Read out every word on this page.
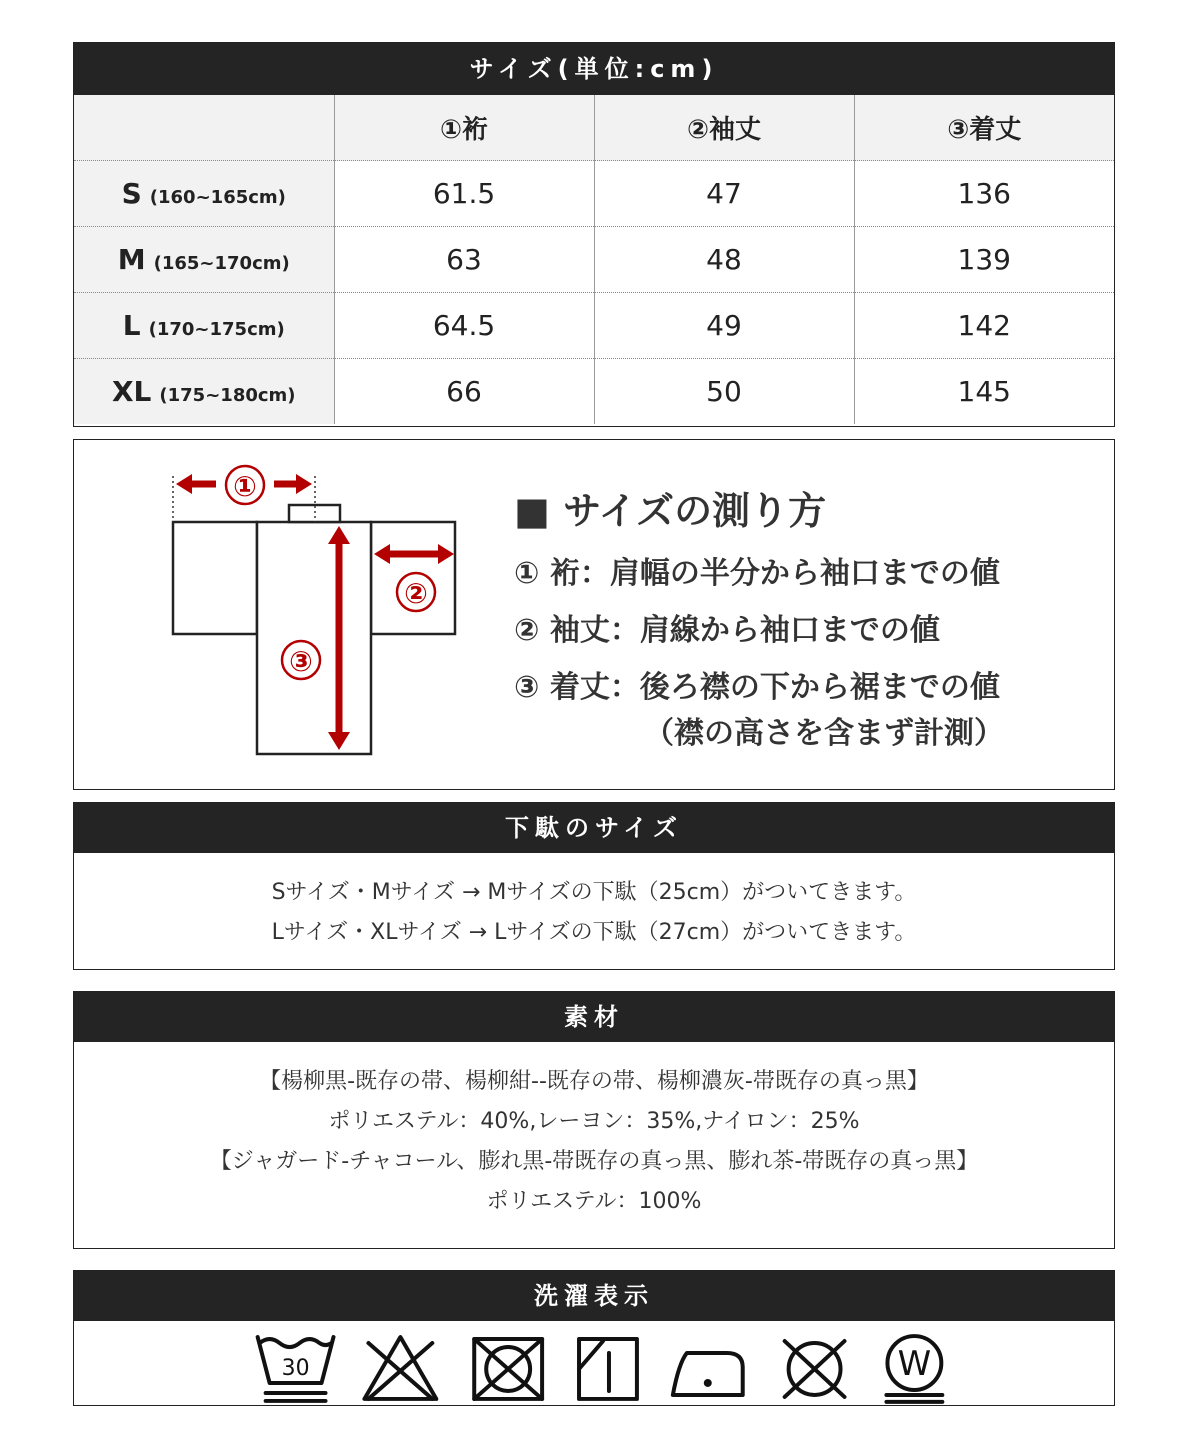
サイズ(単位:cm)
	①裄	②袖丈	③着丈
S (160~165cm)	61.5	47	136
M (165~170cm)	63	48	139
L (170~175cm)	64.5	49	142
XL (175~180cm)	66	50	145
①
②
③
■ サイズの測り方
① 裄：肩幅の半分から袖口までの値
② 袖丈：肩線から袖口までの値
③ 着丈：後ろ襟の下から裾までの値
（襟の高さを含まず計測）
下駄のサイズ
Sサイズ・Mサイズ → Mサイズの下駄（25cm）がついてきます。
Lサイズ・XLサイズ → Lサイズの下駄（27cm）がついてきます。
素材
【楊柳黒-既存の帯、楊柳紺--既存の帯、楊柳濃灰-帯既存の真っ黒】
ポリエステル：40%,レーヨン：35%,ナイロン：25%
【ジャガード-チャコール、膨れ黒-帯既存の真っ黒、膨れ茶-帯既存の真っ黒】
ポリエステル：100%
洗濯表示
30	W
